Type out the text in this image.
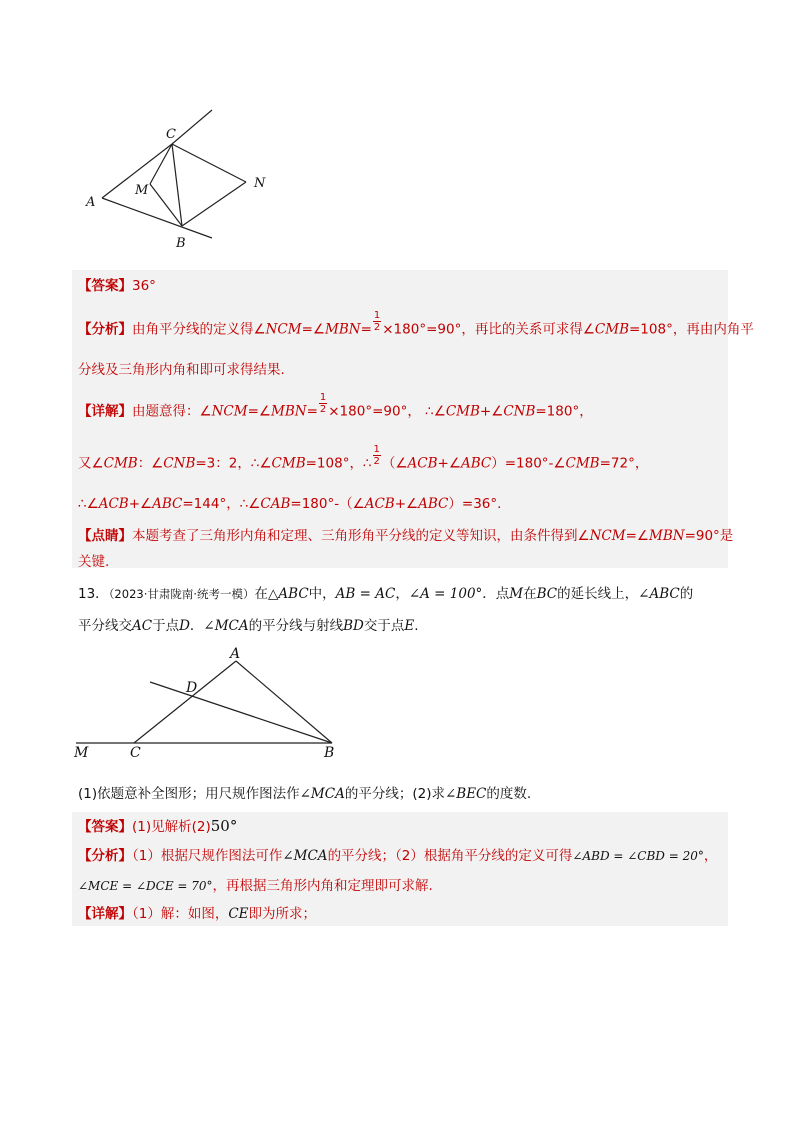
C
A
M	N
B
【答案】36°
【分析】由角平分线的定义得∠NCM=∠MBN= $\frac{1}{2} \times 180^\circ=90^\circ$，再比的关系可求得∠CMB=108°，再由内角平
分线及三角形内角和即可求得结果.
【详解】由题意得：∠NCM=∠MBN= $\frac{1}{2} \times 180^\circ=90^\circ$， ∴∠CMB+∠CNB=180°，
又∠CMB：∠CNB=3：2，∴∠CMB=108°，∴ $\frac{1}{2}$ （∠ACB+∠ABC）=180°-∠CMB=72°，
∴∠ACB+∠ABC=144°，∴∠CAB=180°-（∠ACB+∠ABC）=36°.
【点睛】本题考查了三角形内角和定理、三角形角平分线的定义等知识，由条件得到∠NCM=∠MBN=90°是
关键.
13．（2023·甘肃陇南·统考一模）在△ABC中，AB = AC，∠A = 100°．点M在BC的延长线上，∠ABC的
平分线交AC于点D．∠MCA的平分线与射线BD交于点E.
A
D
M	C	B
(1)依题意补全图形；用尺规作图法作∠MCA的平分线；(2)求∠BEC的度数.
【答案】(1)见解析(2)50°
【分析】（1）根据尺规作图法可作∠MCA的平分线；（2）根据角平分线的定义可得∠ABD = ∠CBD = 20°，
∠MCE = ∠DCE = 70°，再根据三角形内角和定理即可求解.
【详解】（1）解：如图，CE即为所求；
